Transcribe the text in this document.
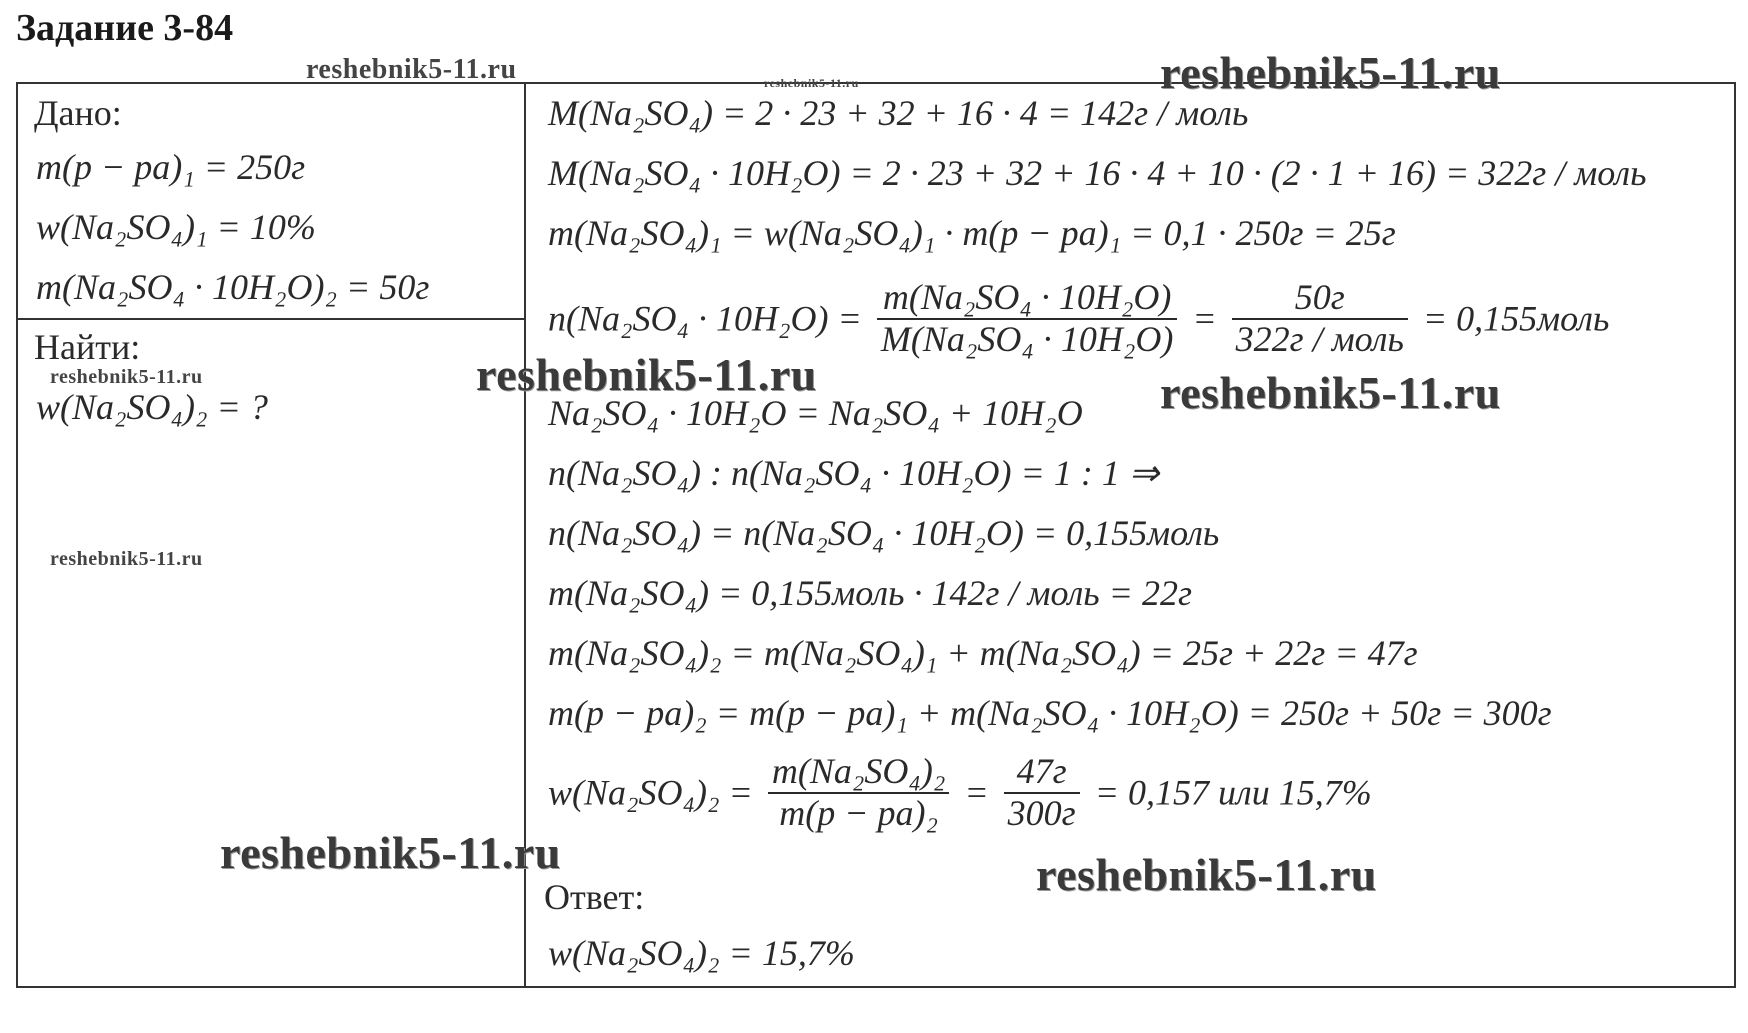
Задание 3-84
Дано:
m(p − pa)₁ = 250г
w(Na₂SO₄)₁ = 10%
m(Na₂SO₄ · 10H₂O)₂ = 50г
Найти:
w(Na₂SO₄)₂ = ?
M(Na₂SO₄) = 2 · 23 + 32 + 16 · 4 = 142г / моль
M(Na₂SO₄ · 10H₂O) = 2 · 23 + 32 + 16 · 4 + 10 · (2 · 1 + 16) = 322г / моль
m(Na₂SO₄)₁ = w(Na₂SO₄)₁ · m(p − pa)₁ = 0,1 · 250г = 25г
$n(Na_2SO_4 \cdot 10H_2O) = \frac{\text{m(Na₂SO₄ · 10H₂O)}}{\text{M(Na₂SO₄ · 10H₂O)}} = \frac{50г}{\text{322г / моль}}$ = 0,155моль
Na₂SO₄ · 10H₂O = Na₂SO₄ + 10H₂O
n(Na₂SO₄) : n(Na₂SO₄ · 10H₂O) = 1 : 1 ⇒
n(Na₂SO₄) = n(Na₂SO₄ · 10H₂O) = 0,155моль
m(Na₂SO₄) = 0,155моль · 142г / моль = 22г
m(Na₂SO₄)₂ = m(Na₂SO₄)₁ + m(Na₂SO₄) = 25г + 22г = 47г
m(p − pa)₂ = m(p − pa)₁ + m(Na₂SO₄ · 10H₂O) = 250г + 50г = 300г
$w(Na_2SO_4)_2 = \frac{\text{m(Na₂SO₄)₂}}{\text{m(p − pa)₂}} = \frac{47г}{300г} = 0,157$ или 15,7%
Ответ:
w(Na₂SO₄)₂ = 15,7%
reshebnik5-11.ru	reshebnik5-11.ru	reshebnik5-11.ru
reshebnik5-11.ru	reshebnik5-11.ru	reshebnik5-11.ru
reshebnik5-11.ru
reshebnik5-11.ru	reshebnik5-11.ru
